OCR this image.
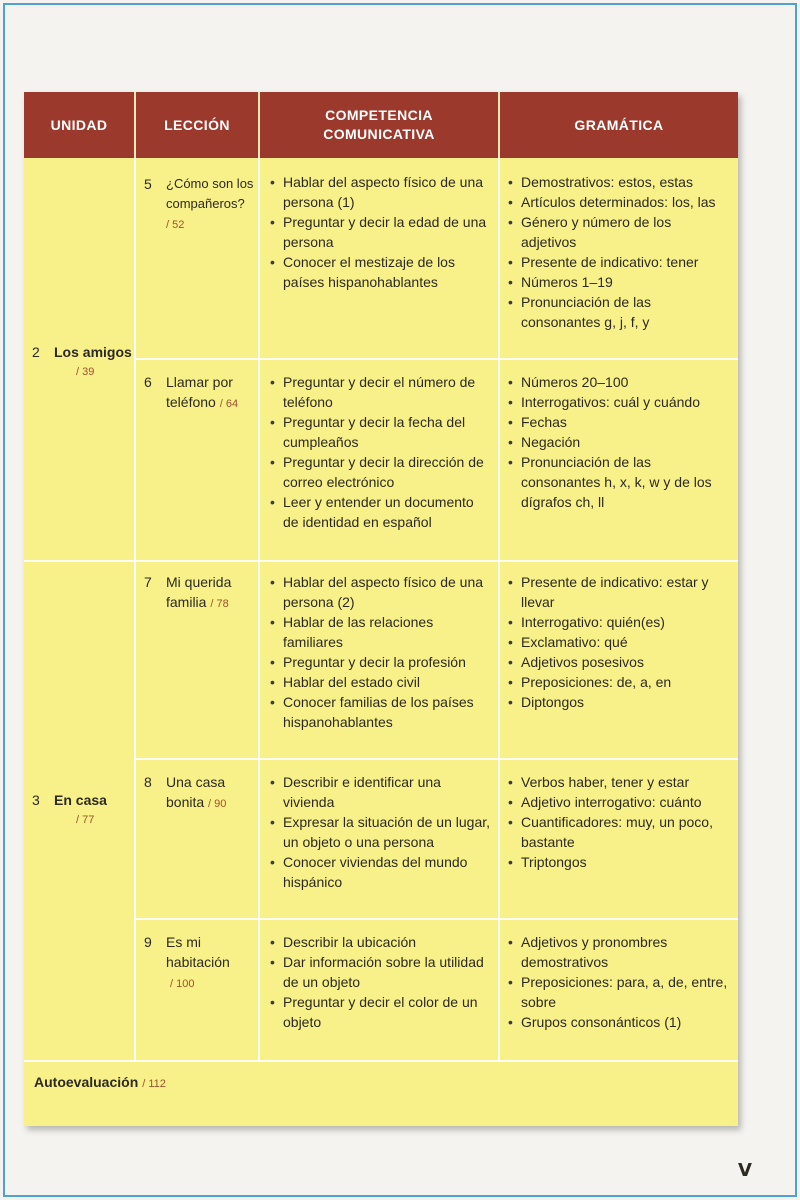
UNIDAD	LECCIÓN
COMPETENCIA COMUNICATIVA
GRAMÁTICA
2 Los amigos
/ 39
3 En casa
/ 77
5 ¿Cómo son los compañeros?
/ 52
6 Llamar por teléfono / 64
7 Mi querida familia / 78
8 Una casa bonita / 90
9 Es mi habitación
/ 100
• Hablar del aspecto físico de una persona (1)
• Preguntar y decir la edad de una persona
• Conocer el mestizaje de los países hispanohablantes
• Preguntar y decir el número de teléfono
• Preguntar y decir la fecha del cumpleaños
• Preguntar y decir la dirección de correo electrónico
• Leer y entender un documento de identidad en español
• Hablar del aspecto físico de una persona (2)
• Hablar de las relaciones familiares
• Preguntar y decir la profesión
• Hablar del estado civil
• Conocer familias de los países hispanohablantes
• Describir e identificar una vivienda
• Expresar la situación de un lugar, un objeto o una persona
• Conocer viviendas del mundo hispánico
• Describir la ubicación
• Dar información sobre la utilidad de un objeto
• Preguntar y decir el color de un objeto
• Demostrativos: estos, estas
• Artículos determinados: los, las
• Género y número de los adjetivos
• Presente de indicativo: tener
• Números 1–19
• Pronunciación de las consonantes g, j, f, y
• Números 20–100
• Interrogativos: cuál y cuándo
• Fechas
• Negación
• Pronunciación de las consonantes h, x, k, w y de los dígrafos ch, ll
• Presente de indicativo: estar y llevar
• Interrogativo: quién(es)
• Exclamativo: qué
• Adjetivos posesivos
• Preposiciones: de, a, en
• Diptongos
• Verbos haber, tener y estar
• Adjetivo interrogativo: cuánto
• Cuantificadores: muy, un poco, bastante
• Triptongos
• Adjetivos y pronombres demostrativos
• Preposiciones: para, a, de, entre, sobre
• Grupos consonánticos (1)
Autoevaluación / 112
V
